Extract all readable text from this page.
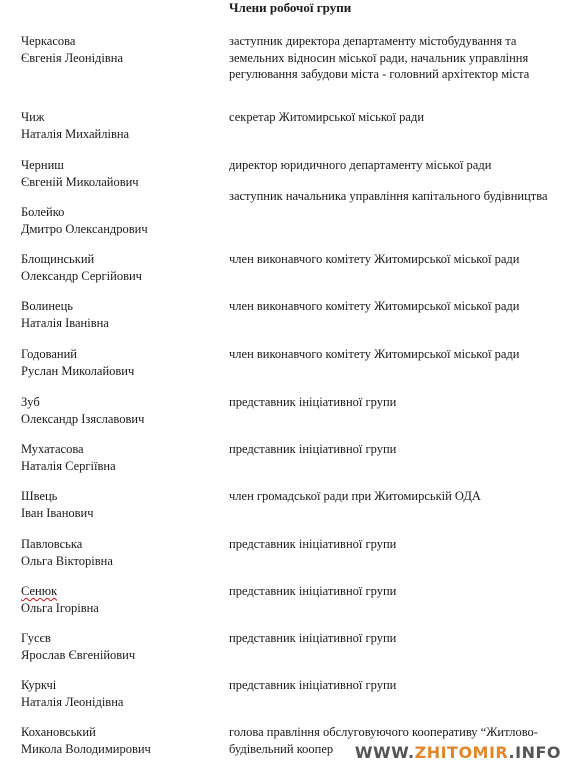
Члени робочої групи
Черкасова
Євгенія Леонідівна
заступник директора департаменту містобудування та земельних відносин міської ради, начальник управління регулювання забудови міста - головний архітектор міста
Чиж
Наталія Михайлівна
секретар Житомирської міської ради
Черниш
Євгеній Миколайович
директор юридичного департаменту міської ради
Болейко
Дмитро Олександрович
заступник начальника управління капітального будівництва
Блощинський
Олександр Сергійович
член виконавчого комітету Житомирської міської ради
Волинець
Наталія Іванівна
член виконавчого комітету Житомирської міської ради
Годований
Руслан Миколайович
член виконавчого комітету Житомирської міської ради
Зуб
Олександр Ізяславович
представник ініціативної групи
Мухатасова
Наталія Сергіївна
представник ініціативної групи
Швець
Іван Іванович
член громадської ради при Житомирській ОДА
Павловська
Ольга Вікторівна
представник ініціативної групи
Сенюк
Ольга Ігорівна
представник ініціативної групи
Гусєв
Ярослав Євгенійович
представник ініціативної групи
Куркчі
Наталія Леонідівна
представник ініціативної групи
Кохановський
Микола Володимирович
голова правління обслуговуючого кооперативу “Житлово-будівельний коопер	WWW.ZHITOMIR.INFO
